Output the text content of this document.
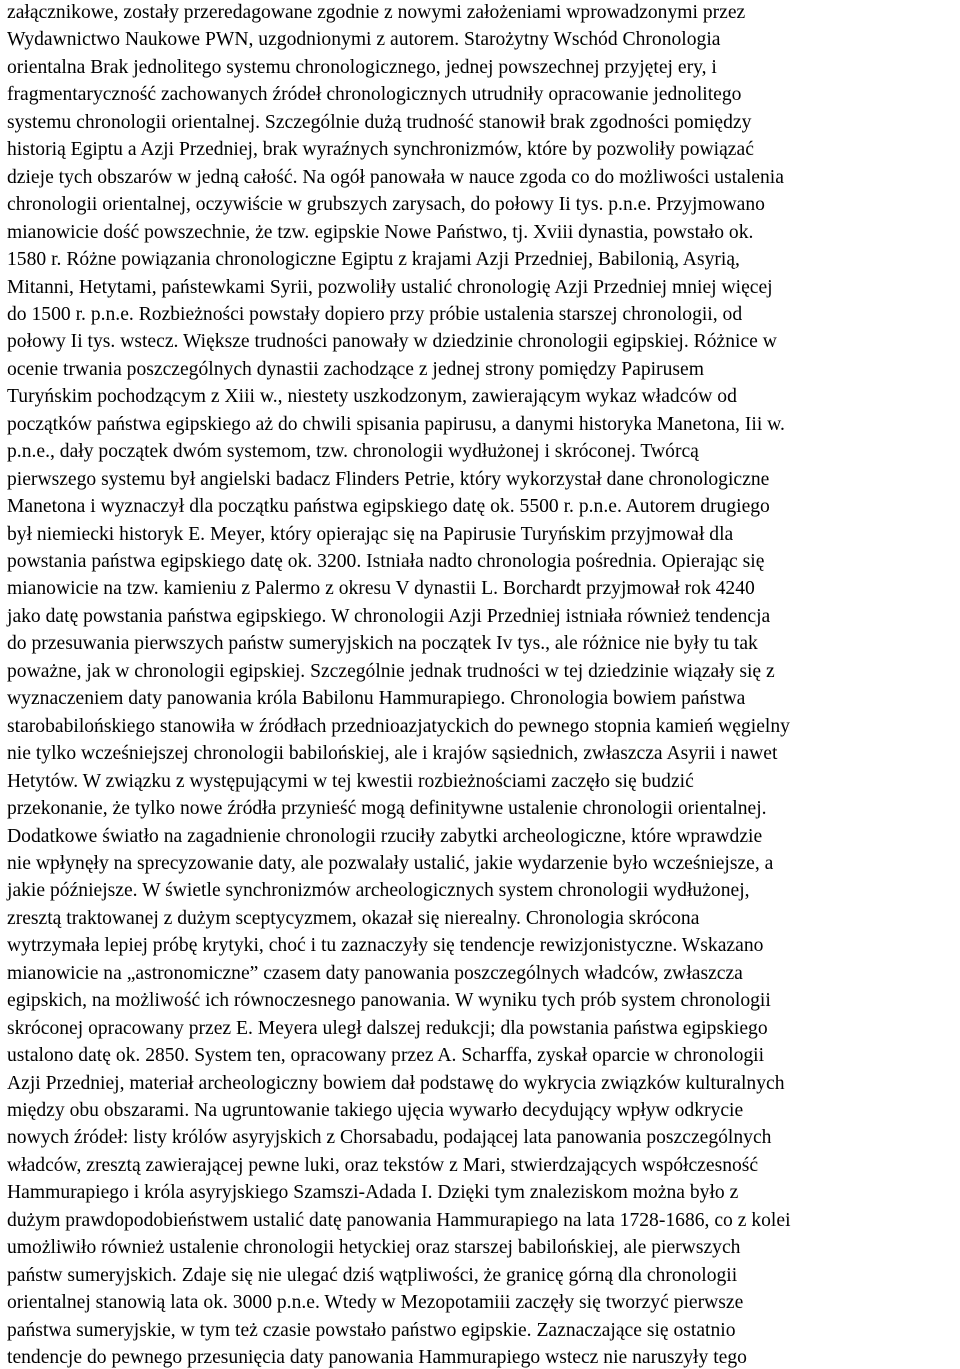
załącznikowe, zostały przeredagowane zgodnie z nowymi założeniami wprowadzonymi przez
Wydawnictwo Naukowe PWN, uzgodnionymi z autorem. Starożytny Wschód Chronologia
orientalna Brak jednolitego systemu chronologicznego, jednej powszechnej przyjętej ery, i
fragmentaryczność zachowanych źródeł chronologicznych utrudniły opracowanie jednolitego
systemu chronologii orientalnej. Szczególnie dużą trudność stanowił brak zgodności pomiędzy
historią Egiptu a Azji Przedniej, brak wyraźnych synchronizmów, które by pozwoliły powiązać
dzieje tych obszarów w jedną całość. Na ogół panowała w nauce zgoda co do możliwości ustalenia
chronologii orientalnej, oczywiście w grubszych zarysach, do połowy Ii tys. p.n.e. Przyjmowano
mianowicie dość powszechnie, że tzw. egipskie Nowe Państwo, tj. Xviii dynastia, powstało ok.
1580 r. Różne powiązania chronologiczne Egiptu z krajami Azji Przedniej, Babilonią, Asyrią,
Mitanni, Hetytami, państewkami Syrii, pozwoliły ustalić chronologię Azji Przedniej mniej więcej
do 1500 r. p.n.e. Rozbieżności powstały dopiero przy próbie ustalenia starszej chronologii, od
połowy Ii tys. wstecz. Większe trudności panowały w dziedzinie chronologii egipskiej. Różnice w
ocenie trwania poszczególnych dynastii zachodzące z jednej strony pomiędzy Papirusem
Turyńskim pochodzącym z Xiii w., niestety uszkodzonym, zawierającym wykaz władców od
początków państwa egipskiego aż do chwili spisania papirusu, a danymi historyka Manetona, Iii w.
p.n.e., dały początek dwóm systemom, tzw. chronologii wydłużonej i skróconej. Twórcą
pierwszego systemu był angielski badacz Flinders Petrie, który wykorzystał dane chronologiczne
Manetona i wyznaczył dla początku państwa egipskiego datę ok. 5500 r. p.n.e. Autorem drugiego
był niemiecki historyk E. Meyer, który opierając się na Papirusie Turyńskim przyjmował dla
powstania państwa egipskiego datę ok. 3200. Istniała nadto chronologia pośrednia. Opierając się
mianowicie na tzw. kamieniu z Palermo z okresu V dynastii L. Borchardt przyjmował rok 4240
jako datę powstania państwa egipskiego. W chronologii Azji Przedniej istniała również tendencja
do przesuwania pierwszych państw sumeryjskich na początek Iv tys., ale różnice nie były tu tak
poważne, jak w chronologii egipskiej. Szczególnie jednak trudności w tej dziedzinie wiązały się z
wyznaczeniem daty panowania króla Babilonu Hammurapiego. Chronologia bowiem państwa
starobabilońskiego stanowiła w źródłach przednioazjatyckich do pewnego stopnia kamień węgielny
nie tylko wcześniejszej chronologii babilońskiej, ale i krajów sąsiednich, zwłaszcza Asyrii i nawet
Hetytów. W związku z występującymi w tej kwestii rozbieżnościami zaczęło się budzić
przekonanie, że tylko nowe źródła przynieść mogą definitywne ustalenie chronologii orientalnej.
Dodatkowe światło na zagadnienie chronologii rzuciły zabytki archeologiczne, które wprawdzie
nie wpłynęły na sprecyzowanie daty, ale pozwalały ustalić, jakie wydarzenie było wcześniejsze, a
jakie późniejsze. W świetle synchronizmów archeologicznych system chronologii wydłużonej,
zresztą traktowanej z dużym sceptycyzmem, okazał się nierealny. Chronologia skrócona
wytrzymała lepiej próbę krytyki, choć i tu zaznaczyły się tendencje rewizjonistyczne. Wskazano
mianowicie na „astronomiczne” czasem daty panowania poszczególnych władców, zwłaszcza
egipskich, na możliwość ich równoczesnego panowania. W wyniku tych prób system chronologii
skróconej opracowany przez E. Meyera uległ dalszej redukcji; dla powstania państwa egipskiego
ustalono datę ok. 2850. System ten, opracowany przez A. Scharffa, zyskał oparcie w chronologii
Azji Przedniej, materiał archeologiczny bowiem dał podstawę do wykrycia związków kulturalnych
między obu obszarami. Na ugruntowanie takiego ujęcia wywarło decydujący wpływ odkrycie
nowych źródeł: listy królów asyryjskich z Chorsabadu, podającej lata panowania poszczególnych
władców, zresztą zawierającej pewne luki, oraz tekstów z Mari, stwierdzających współczesność
Hammurapiego i króla asyryjskiego Szamszi-Adada I. Dzięki tym znaleziskom można było z
dużym prawdopodobieństwem ustalić datę panowania Hammurapiego na lata 1728-1686, co z kolei
umożliwiło również ustalenie chronologii hetyckiej oraz starszej babilońskiej, ale pierwszych
państw sumeryjskich. Zdaje się nie ulegać dziś wątpliwości, że granicę górną dla chronologii
orientalnej stanowią lata ok. 3000 p.n.e. Wtedy w Mezopotamiii zaczęły się tworzyć pierwsze
państwa sumeryjskie, w tym też czasie powstało państwo egipskie. Zaznaczające się ostatnio
tendencje do pewnego przesunięcia daty panowania Hammurapiego wstecz nie naruszyły tego
